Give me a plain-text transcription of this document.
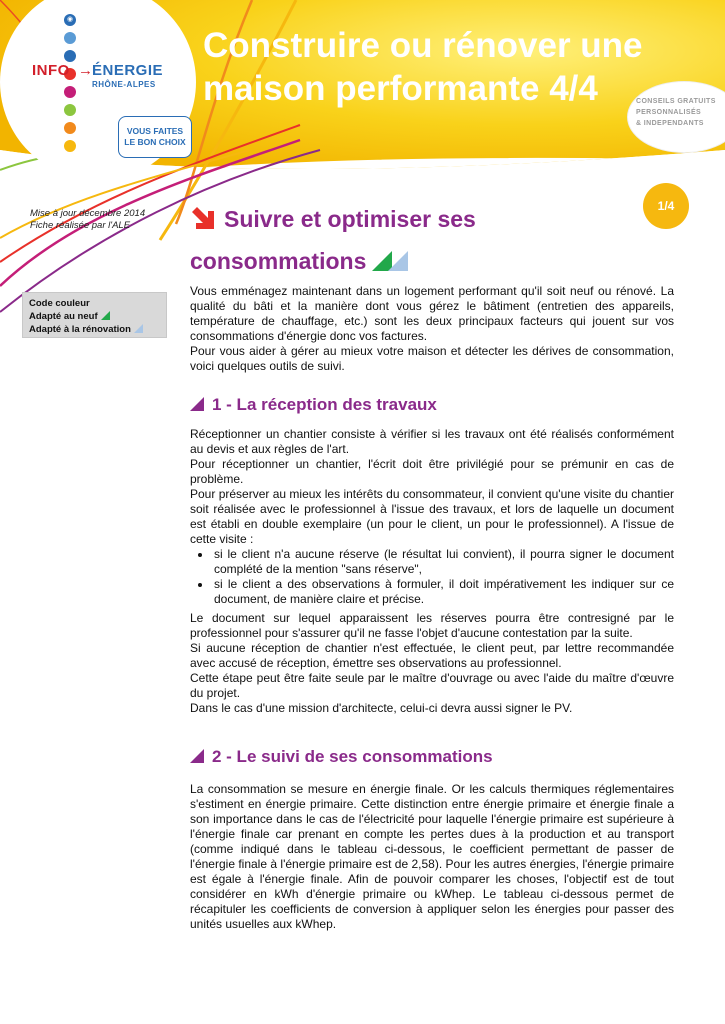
◉
INFO → ÉNERGIE
RHÔNE-ALPES
VOUS FAITES
LE BON CHOIX
Construire ou rénover une
maison performante 4/4	CONSEILS GRATUITS
PERSONNALISÉS
& INDEPENDANTS
1/4
Mise à jour décembre 2014
Fiche réalisée par l'ALE
Code couleur
Adapté au neuf
Adapté à la rénovation
Suivre et optimiser ses
consommations

Vous emménagez maintenant dans un logement performant qu'il soit neuf ou rénové. La qualité du bâti et la manière dont vous gérez le bâtiment (entretien des appareils, température de chauffage, etc.) sont les deux principaux facteurs qui jouent sur vos consommations d'énergie donc vos factures.

Pour vous aider à gérer au mieux votre maison et détecter les dérives de consommation, voici quelques outils de suivi.

1 - La réception des travaux

Réceptionner un chantier consiste à vérifier si les travaux ont été réalisés conformément au devis et aux règles de l'art.

Pour réceptionner un chantier, l'écrit doit être privilégié pour se prémunir en cas de problème.

Pour préserver au mieux les intérêts du consommateur, il convient qu'une visite du chantier soit réalisée avec le professionnel à l'issue des travaux, et lors de laquelle un document est établi en double exemplaire (un pour le client, un pour le professionnel). A l'issue de cette visite :

• si le client n'a aucune réserve (le résultat lui convient), il pourra signer le document complété de la mention "sans réserve",
• si le client a des observations à formuler, il doit impérativement les indiquer sur ce document, de manière claire et précise.

Le document sur lequel apparaissent les réserves pourra être contresigné par le professionnel pour s'assurer qu'il ne fasse l'objet d'aucune contestation par la suite.

Si aucune réception de chantier n'est effectuée, le client peut, par lettre recommandée avec accusé de réception, émettre ses observations au professionnel.

Cette étape peut être faite seule par le maître d'ouvrage ou avec l'aide du maître d'œuvre du projet.

Dans le cas d'une mission d'architecte, celui-ci devra aussi signer le PV.

2 - Le suivi de ses consommations

La consommation se mesure en énergie finale. Or les calculs thermiques réglementaires s'estiment en énergie primaire. Cette distinction entre énergie primaire et énergie finale a son importance dans le cas de l'électricité pour laquelle l'énergie primaire est supérieure à l'énergie finale car prenant en compte les pertes dues à la production et au transport (comme indiqué dans le tableau ci-dessous, le coefficient permettant de passer de l'énergie finale à l'énergie primaire est de 2,58). Pour les autres énergies, l'énergie primaire est égale à l'énergie finale. Afin de pouvoir comparer les choses, l'objectif est de tout considérer en kWh d'énergie primaire ou kWhep. Le tableau ci-dessous permet de récapituler les coefficients de conversion à appliquer selon les énergies pour passer des unités usuelles aux kWhep.
